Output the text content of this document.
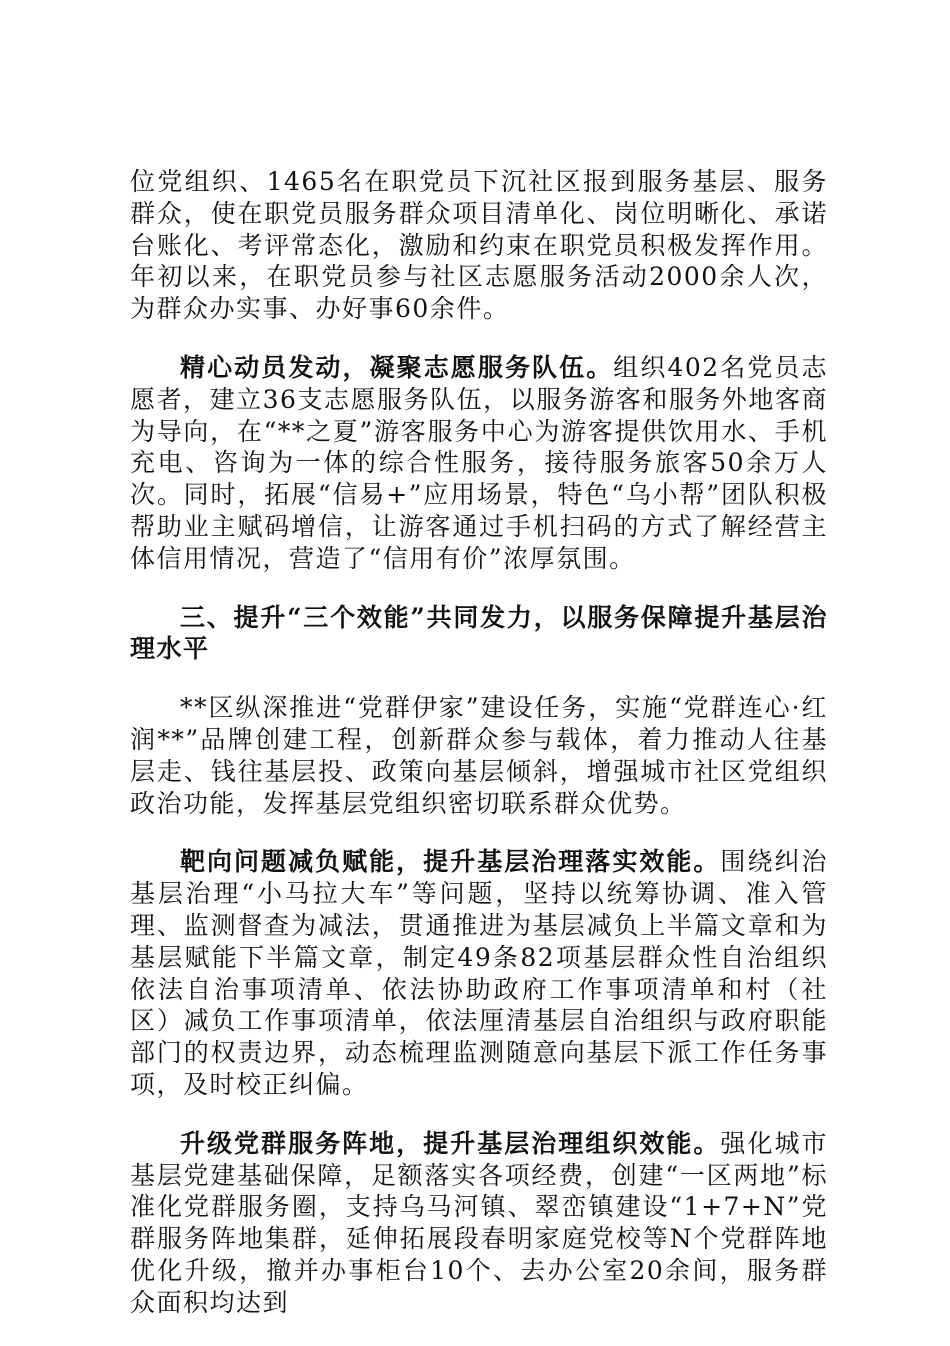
位党组织、1465名在职党员下沉社区报到服务基层、服务群众，使在职党员服务群众项目清单化、岗位明晰化、承诺台账化、考评常态化，激励和约束在职党员积极发挥作用。年初以来，在职党员参与社区志愿服务活动2000余人次，为群众办实事、办好事60余件。

精心动员发动，凝聚志愿服务队伍。组织402名党员志愿者，建立36支志愿服务队伍，以服务游客和服务外地客商为导向，在“**之夏”游客服务中心为游客提供饮用水、手机充电、咨询为一体的综合性服务，接待服务旅客50余万人次。同时，拓展“信易+”应用场景，特色“乌小帮”团队积极帮助业主赋码增信，让游客通过手机扫码的方式了解经营主体信用情况，营造了“信用有价”浓厚氛围。

三、提升“三个效能”共同发力，以服务保障提升基层治理水平

**区纵深推进“党群伊家”建设任务，实施“党群连心·红润**”品牌创建工程，创新群众参与载体，着力推动人往基层走、钱往基层投、政策向基层倾斜，增强城市社区党组织政治功能，发挥基层党组织密切联系群众优势。

靶向问题减负赋能，提升基层治理落实效能。围绕纠治基层治理“小马拉大车”等问题，坚持以统筹协调、准入管理、监测督查为减法，贯通推进为基层减负上半篇文章和为基层赋能下半篇文章，制定49条82项基层群众性自治组织依法自治事项清单、依法协助政府工作事项清单和村（社区）减负工作事项清单，依法厘清基层自治组织与政府职能部门的权责边界，动态梳理监测随意向基层下派工作任务事项，及时校正纠偏。

升级党群服务阵地，提升基层治理组织效能。强化城市基层党建基础保障，足额落实各项经费，创建“一区两地”标准化党群服务圈，支持乌马河镇、翠峦镇建设“1+7+N”党群服务阵地集群，延伸拓展段春明家庭党校等N个党群阵地优化升级，撤并办事柜台10个、去办公室20余间，服务群众面积均达到
